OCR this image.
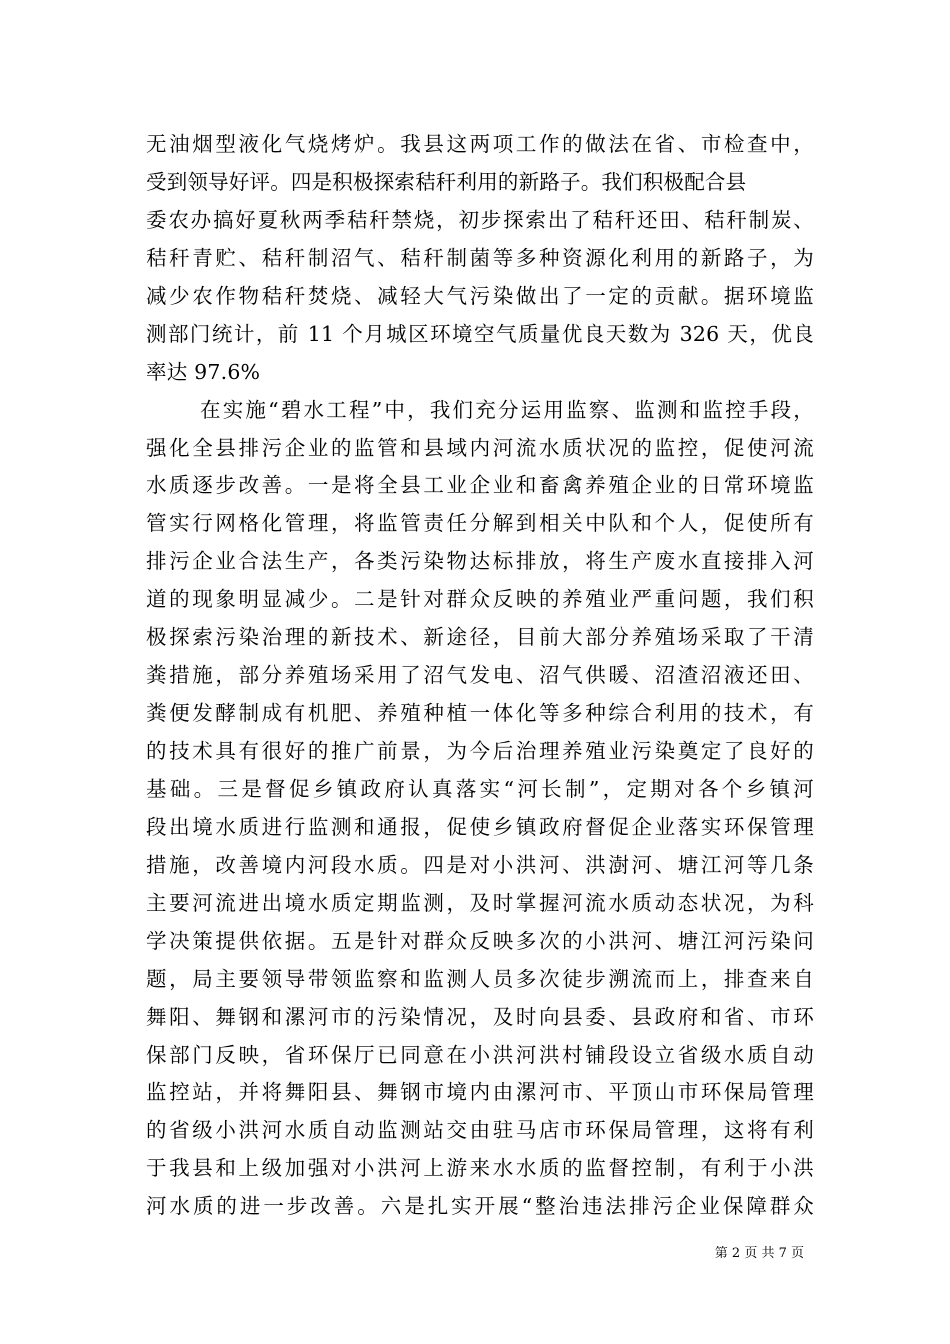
无油烟型液化气烧烤炉。我县这两项工作的做法在省、市检查中，
受到领导好评。四是积极探索秸秆利用的新路子。我们积极配合县
委农办搞好夏秋两季秸秆禁烧，初步探索出了秸秆还田、秸秆制炭、
秸秆青贮、秸秆制沼气、秸秆制菌等多种资源化利用的新路子，为
减少农作物秸秆焚烧、减轻大气污染做出了一定的贡献。据环境监
测部门统计，前 11 个月城区环境空气质量优良天数为 326 天，优良
率达 97.6%
在实施“碧水工程”中，我们充分运用监察、监测和监控手段，
强化全县排污企业的监管和县域内河流水质状况的监控，促使河流
水质逐步改善。一是将全县工业企业和畜禽养殖企业的日常环境监
管实行网格化管理，将监管责任分解到相关中队和个人，促使所有
排污企业合法生产，各类污染物达标排放，将生产废水直接排入河
道的现象明显减少。二是针对群众反映的养殖业严重问题，我们积
极探索污染治理的新技术、新途径，目前大部分养殖场采取了干清
粪措施，部分养殖场采用了沼气发电、沼气供暖、沼渣沼液还田、
粪便发酵制成有机肥、养殖种植一体化等多种综合利用的技术，有
的技术具有很好的推广前景，为今后治理养殖业污染奠定了良好的
基础。三是督促乡镇政府认真落实“河长制”，定期对各个乡镇河
段出境水质进行监测和通报，促使乡镇政府督促企业落实环保管理
措施，改善境内河段水质。四是对小洪河、洪澍河、塘江河等几条
主要河流进出境水质定期监测，及时掌握河流水质动态状况，为科
学决策提供依据。五是针对群众反映多次的小洪河、塘江河污染问
题，局主要领导带领监察和监测人员多次徒步溯流而上，排查来自
舞阳、舞钢和漯河市的污染情况，及时向县委、县政府和省、市环
保部门反映，省环保厅已同意在小洪河洪村铺段设立省级水质自动
监控站，并将舞阳县、舞钢市境内由漯河市、平顶山市环保局管理
的省级小洪河水质自动监测站交由驻马店市环保局管理，这将有利
于我县和上级加强对小洪河上游来水水质的监督控制，有利于小洪
河水质的进一步改善。六是扎实开展“整治违法排污企业保障群众
第 2 页 共 7 页
